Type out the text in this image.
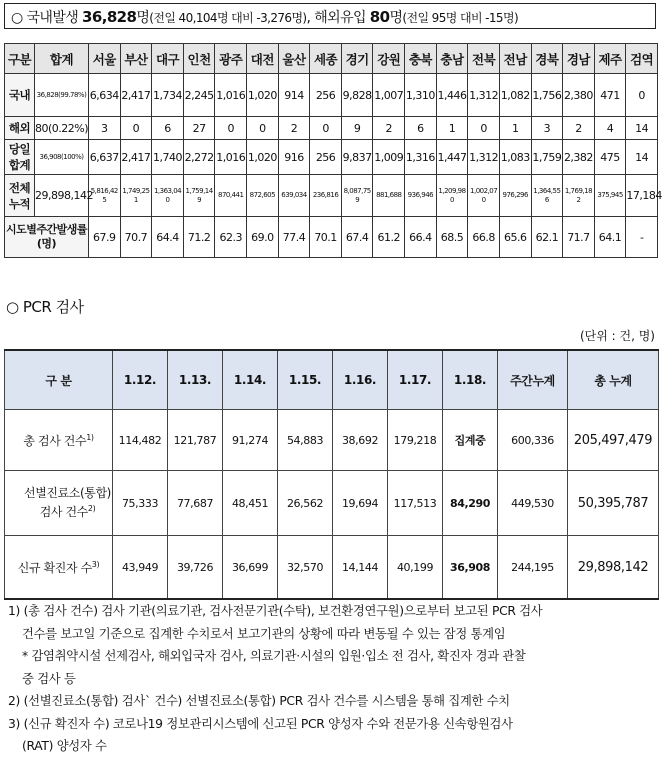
○ 국내발생 36,828명(전일 40,104명 대비 -3,276명), 해외유입 80명(전일 95명 대비 -15명)
구분	합계	서울	부산	대구	인천	광주	대전	울산	세종	경기	강원	충북	충남	전북	전남	경북	경남	제주	검역
국내	36,828(99.78%)	6,634	2,417	1,734	2,245	1,016	1,020	914	256	9,828	1,007	1,310	1,446	1,312	1,082	1,756	2,380	471	0
해외	80(0.22%)	3	0	6	27	0	0	2	0	9	2	6	1	0	1	3	2	4	14
당일 합계	36,908(100%)	6,637	2,417	1,740	2,272	1,016	1,020	916	256	9,837	1,009	1,316	1,447	1,312	1,083	1,759	2,382	475	14
전체 누적	29,898,142	5,816,425	1,749,251	1,363,040	1,759,149	870,441	872,605	639,034	236,816	8,087,759	881,688	936,946	1,209,980	1,002,070	976,296	1,364,556	1,769,182	375,945	17,184
시도별주간발생률(명)		67.9	70.7	64.4	71.2	62.3	69.0	77.4	70.1	67.4	61.2	66.4	68.5	66.8	65.6	62.1	71.7	64.1	-
○ PCR 검사
(단위 : 건, 명)
구 분	1.12.	1.13.	1.14.	1.15.	1.16.	1.17.	1.18.	주간누계	총 누계
총 검사 건수$^{1)}$	114,482	121,787	91,274	54,883	38,692	179,218	집계중	600,336	205,497,479
선별진료소(통합)
검사 건수$^{2)}$	75,333	77,687	48,451	26,562	19,694	117,513	84,290	449,530	50,395,787
신규 확진자 수$^{3)}$	43,949	39,726	36,699	32,570	14,144	40,199	36,908	244,195	29,898,142

1) (총 검사 건수) 검사 기관(의료기관, 검사전문기관(수탁), 보건환경연구원)으로부터 보고된 PCR 검사

건수를 보고일 기준으로 집계한 수치로서 보고기관의 상황에 따라 변동될 수 있는 잠정 통계임

* 감염취약시설 선제검사, 해외입국자 검사, 의료기관·시설의 입원·입소 전 검사, 확진자 경과 관찰

중 검사 등

2) (선별진료소(통합) 검사` 건수) 선별진료소(통합) PCR 검사 건수를 시스템을 통해 집계한 수치

3) (신규 확진자 수) 코로나19 정보관리시스템에 신고된 PCR 양성자 수와 전문가용 신속항원검사

(RAT) 양성자 수
